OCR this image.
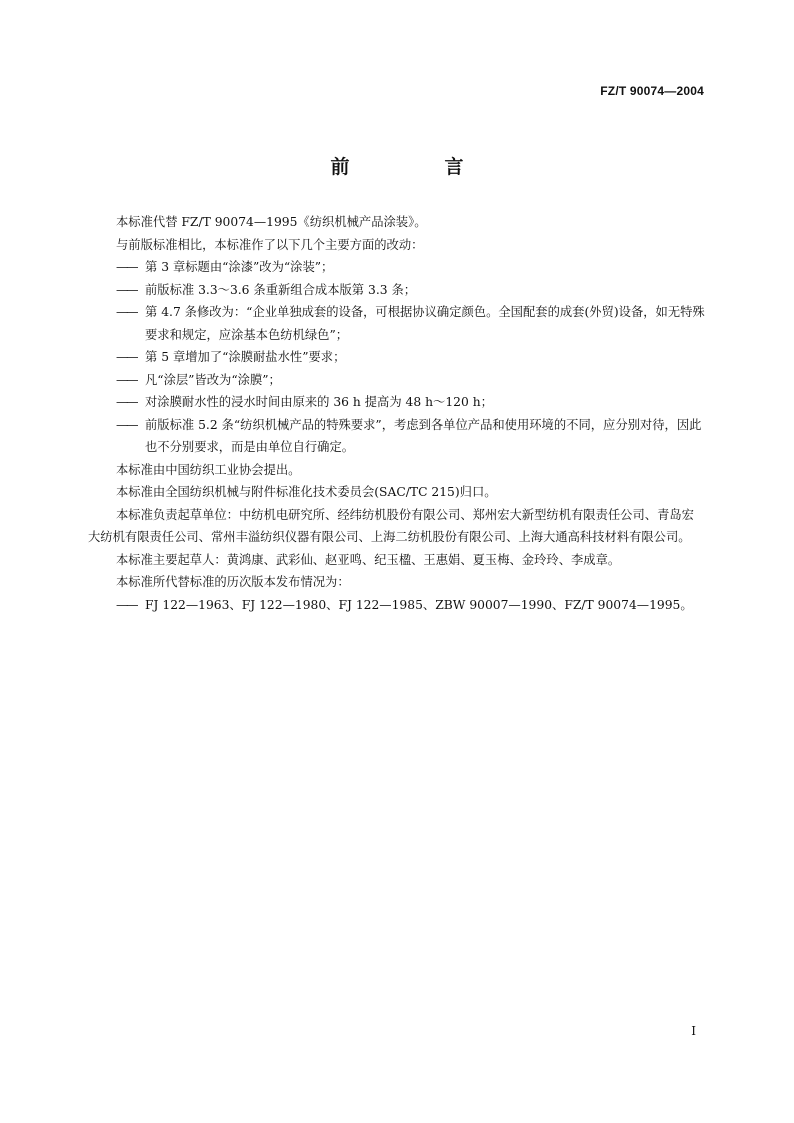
FZ/T 90074—2004
前　言

本标准代替 FZ/T 90074—1995《纺织机械产品涂装》。

与前版标准相比，本标准作了以下几个主要方面的改动：

—— 第 3 章标题由“涂漆”改为“涂装”；

—— 前版标准 3.3～3.6 条重新组合成本版第 3.3 条；

—— 第 4.7 条修改为：“企业单独成套的设备，可根据协议确定颜色。全国配套的成套(外贸)设备，如无特殊要求和规定，应涂基本色纺机绿色”；

—— 第 5 章增加了“涂膜耐盐水性”要求；

—— 凡“涂层”皆改为“涂膜”；

—— 对涂膜耐水性的浸水时间由原来的 36 h 提高为 48 h～120 h；

—— 前版标准 5.2 条“纺织机械产品的特殊要求”，考虑到各单位产品和使用环境的不同，应分别对待，因此也不分别要求，而是由单位自行确定。

本标准由中国纺织工业协会提出。

本标准由全国纺织机械与附件标准化技术委员会(SAC/TC 215)归口。

本标准负责起草单位：中纺机电研究所、经纬纺机股份有限公司、郑州宏大新型纺机有限责任公司、青岛宏大纺机有限责任公司、常州丰溢纺织仪器有限公司、上海二纺机股份有限公司、上海大通高科技材料有限公司。

本标准主要起草人：黄鸿康、武彩仙、赵亚鸣、纪玉楹、王惠娟、夏玉梅、金玲玲、李成章。

本标准所代替标准的历次版本发布情况为：

—— FJ 122—1963、FJ 122—1980、FJ 122—1985、ZBW 90007—1990、FZ/T 90074—1995。

I
